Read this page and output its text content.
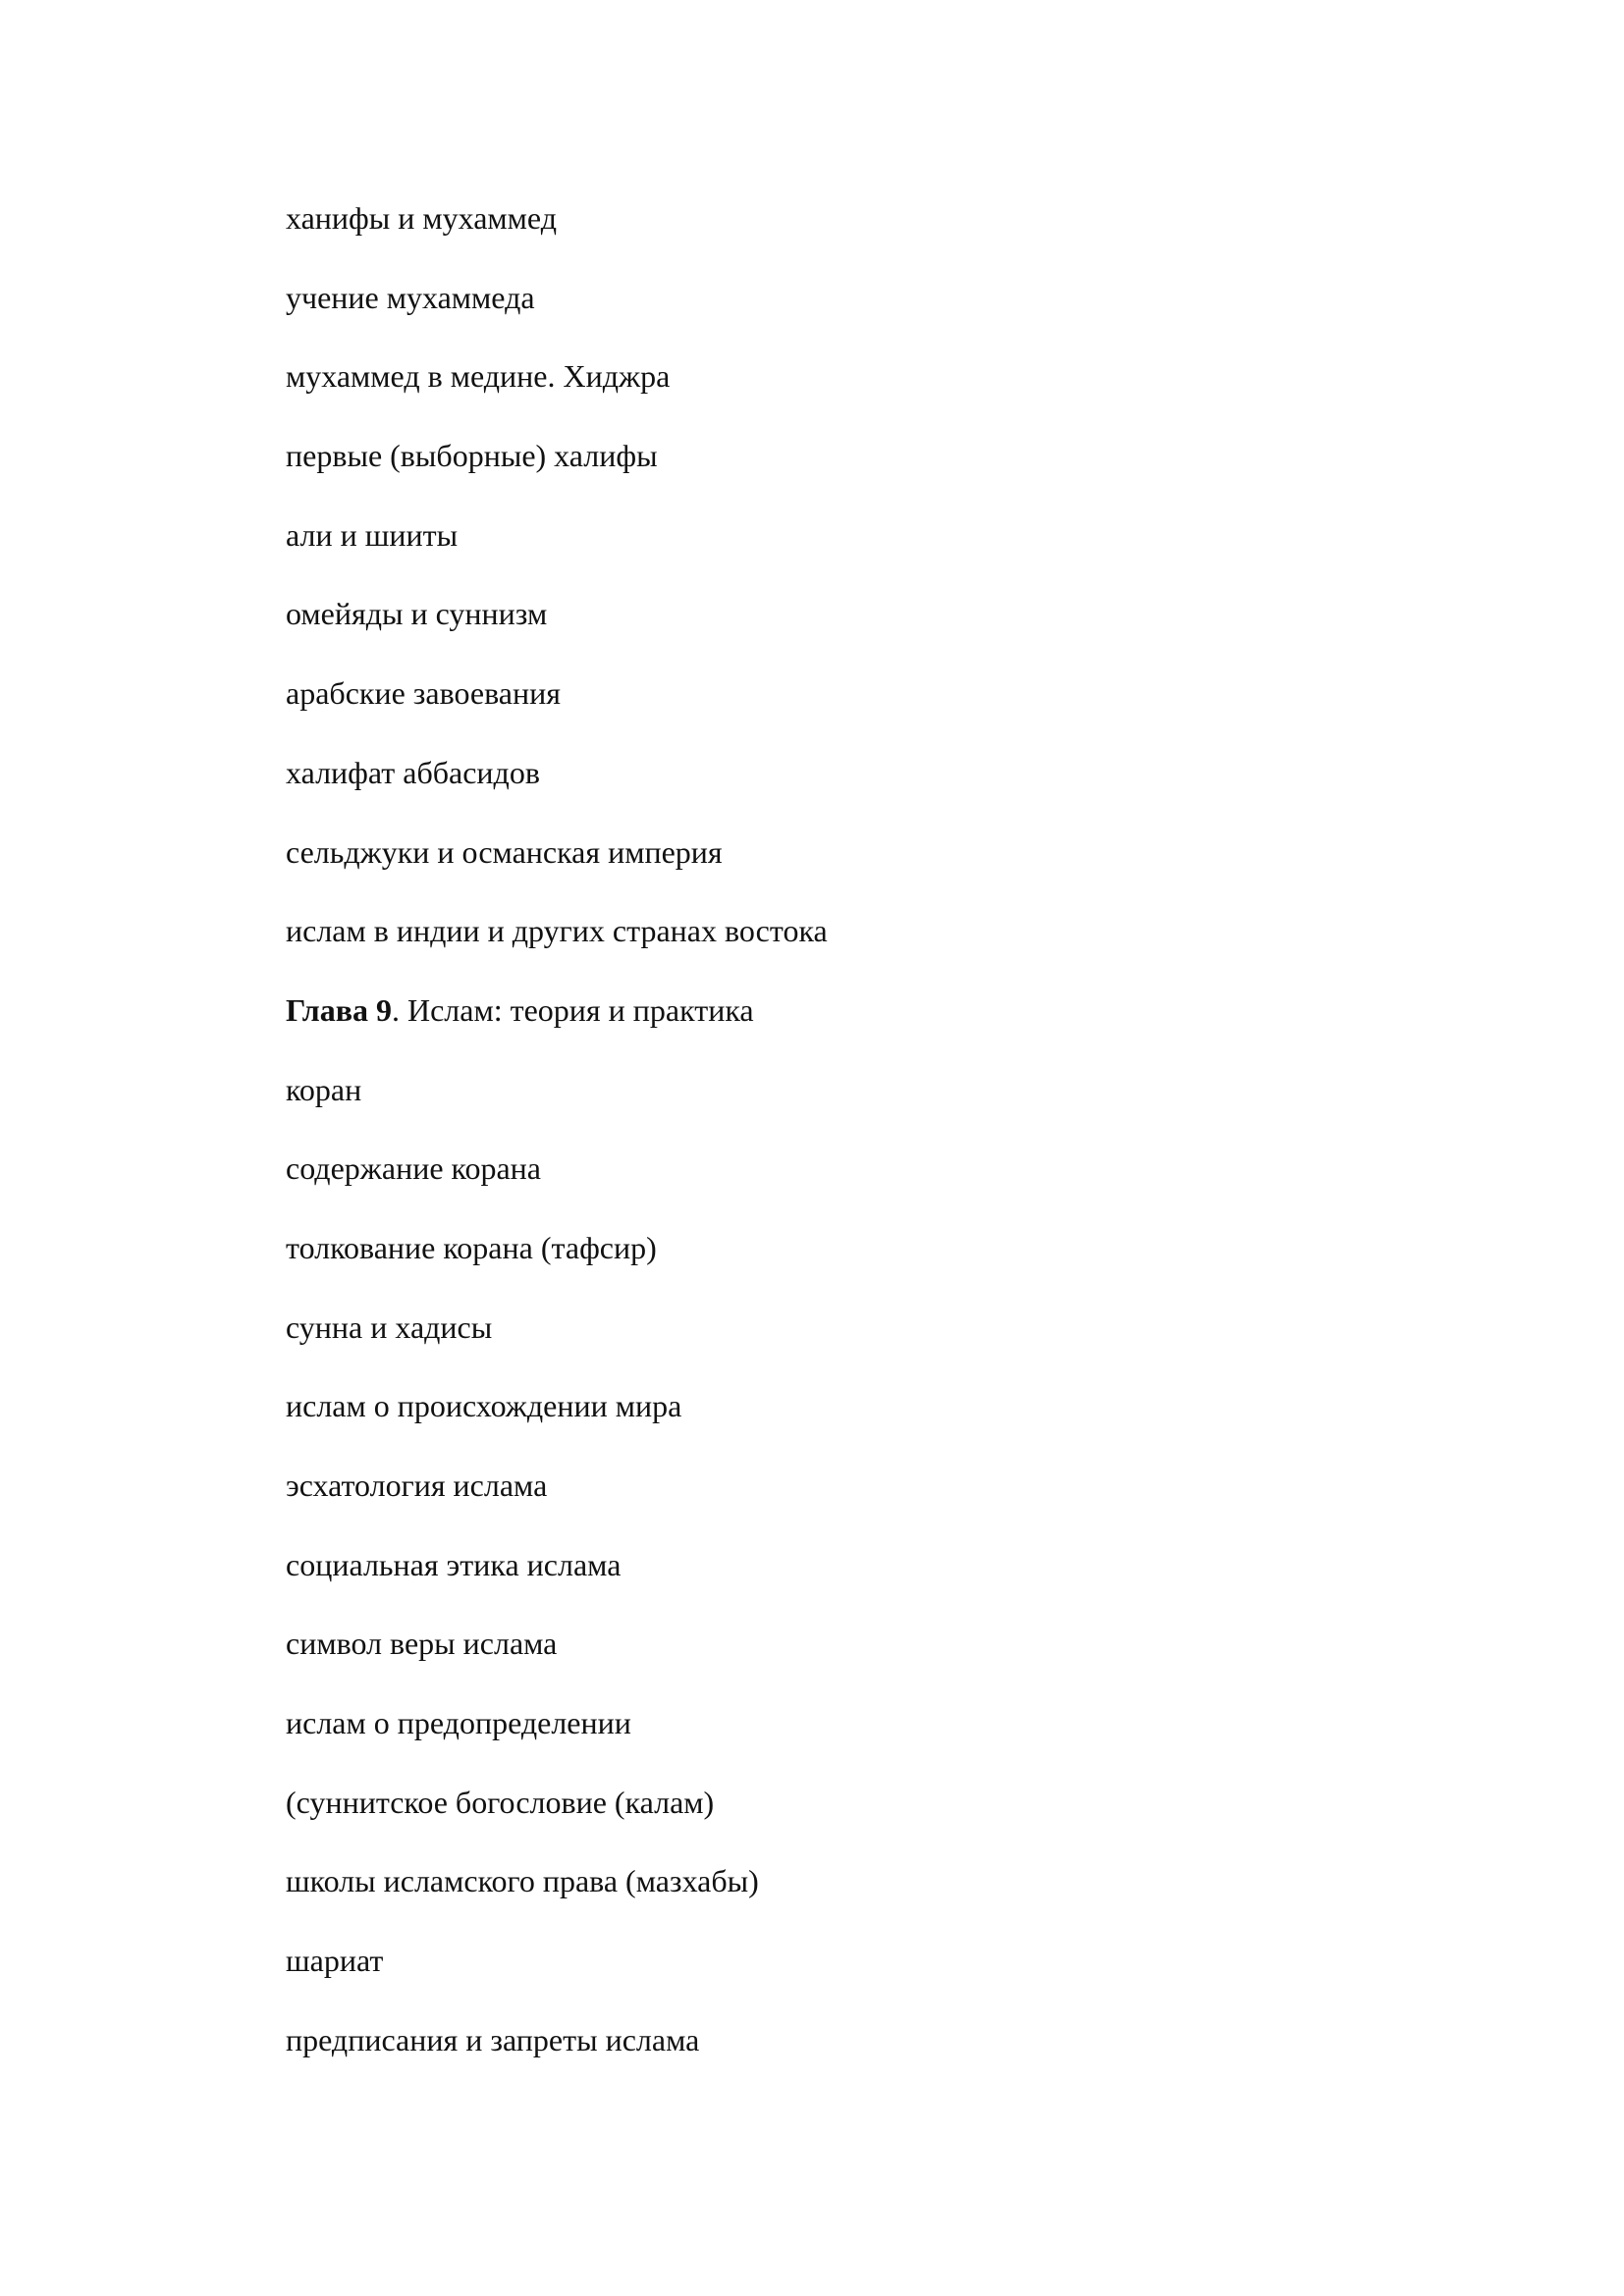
ханифы и мухаммед
учение мухаммеда
мухаммед в медине. Хиджра
первые (выборные) халифы
али и шииты
омейяды и суннизм
арабские завоевания
халифат аббасидов
сельджуки и османская империя
ислам в индии и других странах востока
Глава 9. Ислам: теория и практика
коран
содержание корана
толкование корана (тафсир)
сунна и хадисы
ислам о происхождении мира
эсхатология ислама
социальная этика ислама
символ веры ислама
ислам о предопределении
(суннитское богословие (калам)
школы исламского права (мазхабы)
шариат
предписания и запреты ислама
